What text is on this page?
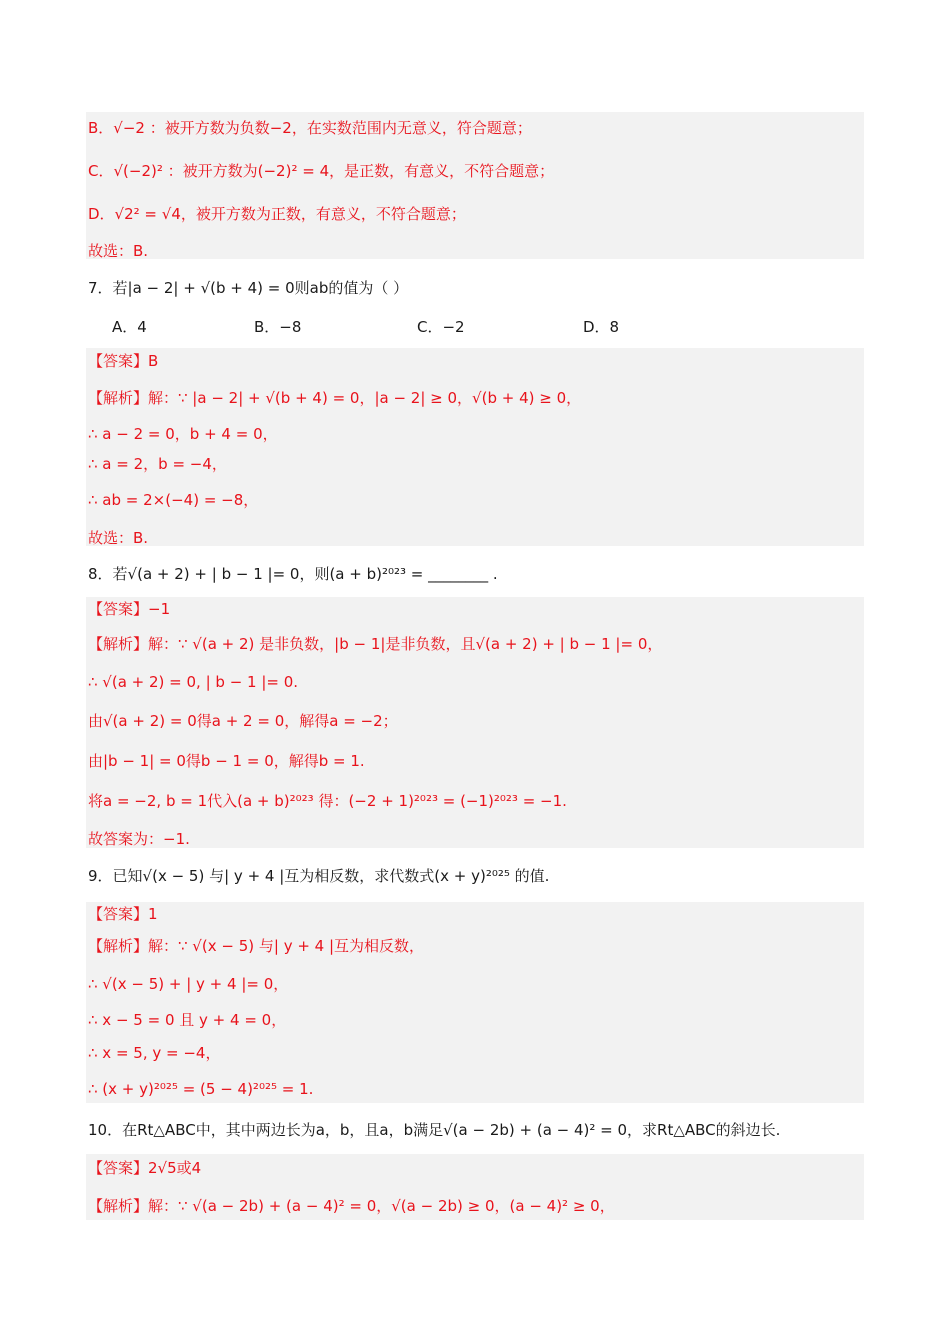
B．√−2 ：被开方数为负数−2，在实数范围内无意义，符合题意；
C．√(−2)² ：被开方数为(−2)² = 4，是正数，有意义，不符合题意；
D．√2² = √4，被开方数为正数，有意义，不符合题意；
故选：B.
7．若|a − 2| + √(b + 4) = 0则ab的值为（ ）
A．4	B．−8	C．−2	D．8
【答案】B
【解析】解：∵ |a − 2| + √(b + 4) = 0，|a − 2| ≥ 0，√(b + 4) ≥ 0，
∴ a − 2 = 0，b + 4 = 0，
∴ a = 2，b = −4，
∴ ab = 2×(−4) = −8，
故选：B.
8．若√(a + 2) + | b − 1 |= 0，则(a + b)²⁰²³ = ________ .
【答案】−1
【解析】解：∵ √(a + 2) 是非负数，|b − 1|是非负数，且√(a + 2) + | b − 1 |= 0，
∴ √(a + 2) = 0, | b − 1 |= 0.
由√(a + 2) = 0得a + 2 = 0，解得a = −2；
由|b − 1| = 0得b − 1 = 0，解得b = 1.
将a = −2, b = 1代入(a + b)²⁰²³ 得：(−2 + 1)²⁰²³ = (−1)²⁰²³ = −1.
故答案为：−1.
9．已知√(x − 5) 与| y + 4 |互为相反数，求代数式(x + y)²⁰²⁵ 的值.
【答案】1
【解析】解：∵ √(x − 5) 与| y + 4 |互为相反数，
∴ √(x − 5) + | y + 4 |= 0，
∴ x − 5 = 0 且 y + 4 = 0，
∴ x = 5, y = −4，
∴ (x + y)²⁰²⁵ = (5 − 4)²⁰²⁵ = 1.
10．在Rt△ABC中，其中两边长为a，b，且a，b满足√(a − 2b) + (a − 4)² = 0，求Rt△ABC的斜边长.
【答案】2√5或4
【解析】解：∵ √(a − 2b) + (a − 4)² = 0，√(a − 2b) ≥ 0，(a − 4)² ≥ 0，
